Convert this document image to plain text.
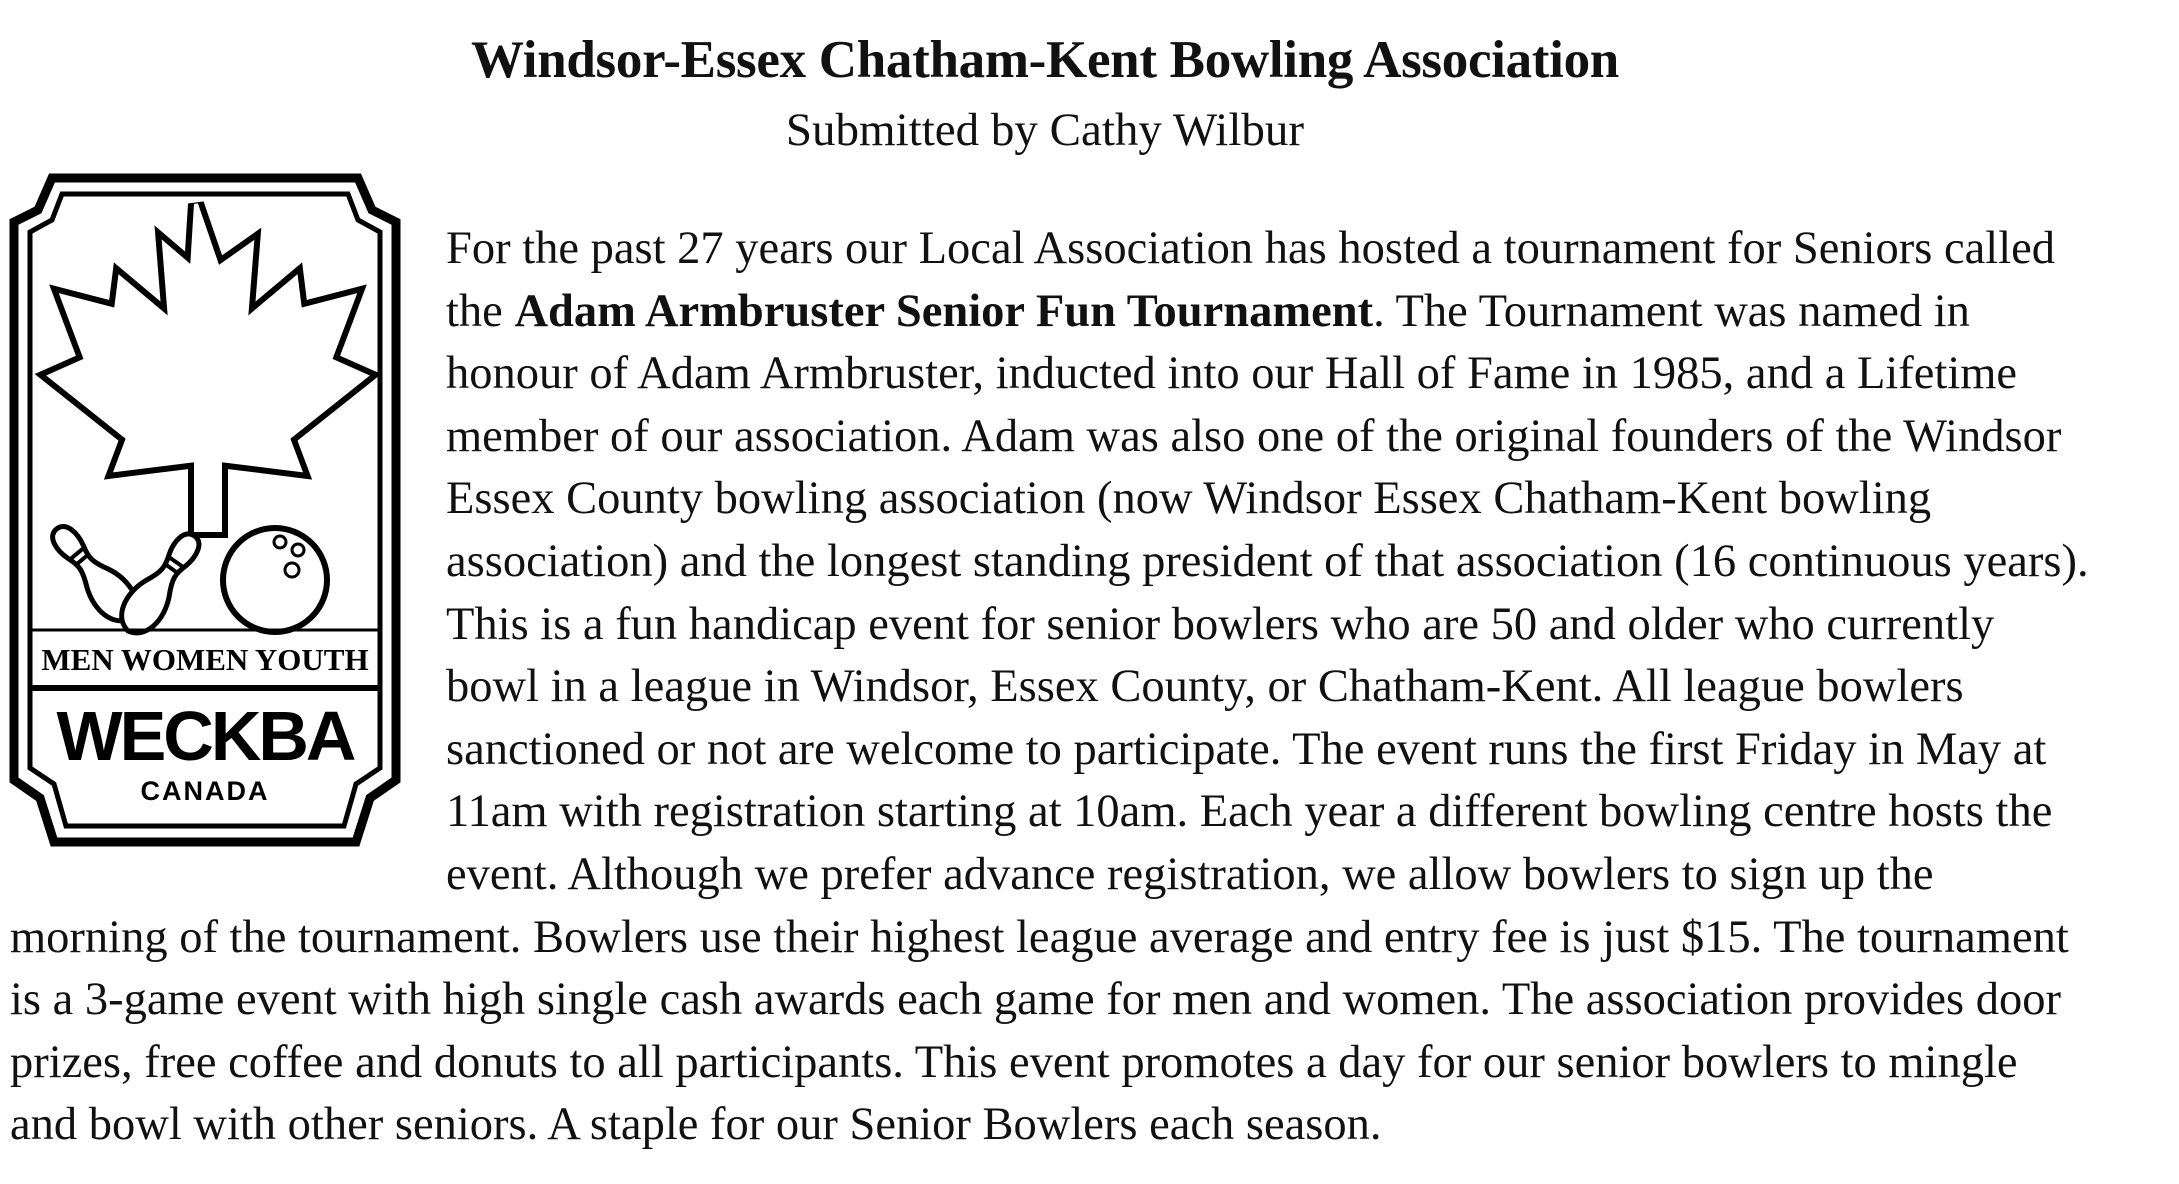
Windsor-Essex Chatham-Kent Bowling Association
Submitted by Cathy Wilbur
MEN WOMEN YOUTH
WECKBA
CANADA
For the past 27 years our Local Association has hosted a tournament for Seniors called
the Adam Armbruster Senior Fun Tournament. The Tournament was named in
honour of Adam Armbruster, inducted into our Hall of Fame in 1985, and a Lifetime
member of our association. Adam was also one of the original founders of the Windsor
Essex County bowling association (now Windsor Essex Chatham-Kent bowling
association) and the longest standing president of that association (16 continuous years).
This is a fun handicap event for senior bowlers who are 50 and older who currently
bowl in a league in Windsor, Essex County, or Chatham-Kent. All league bowlers
sanctioned or not are welcome to participate. The event runs the first Friday in May at
11am with registration starting at 10am. Each year a different bowling centre hosts the
event. Although we prefer advance registration, we allow bowlers to sign up the
morning of the tournament. Bowlers use their highest league average and entry fee is just $15. The tournament
is a 3-game event with high single cash awards each game for men and women. The association provides door
prizes, free coffee and donuts to all participants. This event promotes a day for our senior bowlers to mingle
and bowl with other seniors. A staple for our Senior Bowlers each season.
